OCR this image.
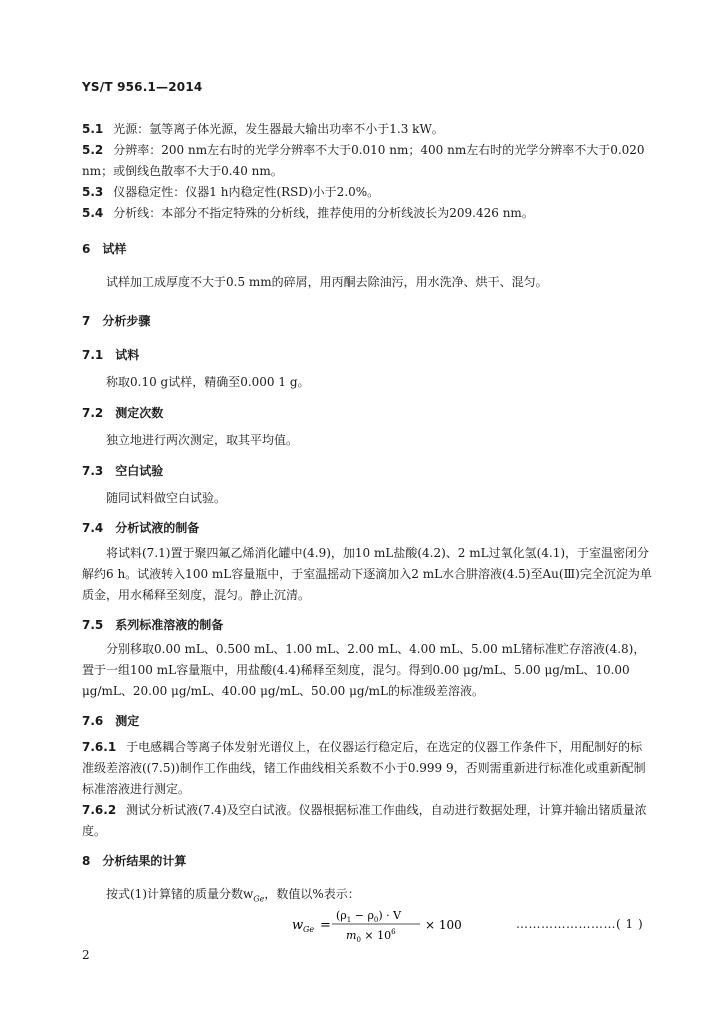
YS/T 956.1—2014
5.1 光源：氩等离子体光源，发生器最大输出功率不小于1.3 kW。
5.2 分辨率：200 nm左右时的光学分辨率不大于0.010 nm；400 nm左右时的光学分辨率不大于0.020 nm；或倒线色散率不大于0.40 nm。
5.3 仪器稳定性：仪器1 h内稳定性(RSD)小于2.0%。
5.4 分析线：本部分不指定特殊的分析线，推荐使用的分析线波长为209.426 nm。
6 试样
试样加工成厚度不大于0.5 mm的碎屑，用丙酮去除油污，用水洗净、烘干、混匀。
7 分析步骤
7.1 试料
称取0.10 g试样，精确至0.000 1 g。
7.2 测定次数
独立地进行两次测定，取其平均值。
7.3 空白试验
随同试料做空白试验。
7.4 分析试液的制备
将试料(7.1)置于聚四氟乙烯消化罐中(4.9)，加10 mL盐酸(4.2)、2 mL过氧化氢(4.1)，于室温密闭分解约6 h。试液转入100 mL容量瓶中，于室温摇动下逐滴加入2 mL水合肼溶液(4.5)至Au(Ⅲ)完全沉淀为单质金，用水稀释至刻度，混匀。静止沉清。
7.5 系列标准溶液的制备
分别移取0.00 mL、0.500 mL、1.00 mL、2.00 mL、4.00 mL、5.00 mL锗标准贮存溶液(4.8)，置于一组100 mL容量瓶中，用盐酸(4.4)稀释至刻度，混匀。得到0.00 μg/mL、5.00 μg/mL、10.00 μg/mL、20.00 μg/mL、40.00 μg/mL、50.00 μg/mL的标准级差溶液。
7.6 测定
7.6.1 于电感耦合等离子体发射光谱仪上，在仪器运行稳定后，在选定的仪器工作条件下，用配制好的标准级差溶液((7.5))制作工作曲线，锗工作曲线相关系数不小于0.999 9，否则需重新进行标准化或重新配制标准溶液进行测定。
7.6.2 测试分析试液(7.4)及空白试液。仪器根据标准工作曲线，自动进行数据处理，计算并输出锗质量浓度。
8 分析结果的计算
按式(1)计算锗的质量分数$w_{Ge}$，数值以%表示：
w Ge =
$(\rho_1 - \rho_0) \cdot V$
$m_0 \times 10^6 \times 100$	……………………( 1 )
2
